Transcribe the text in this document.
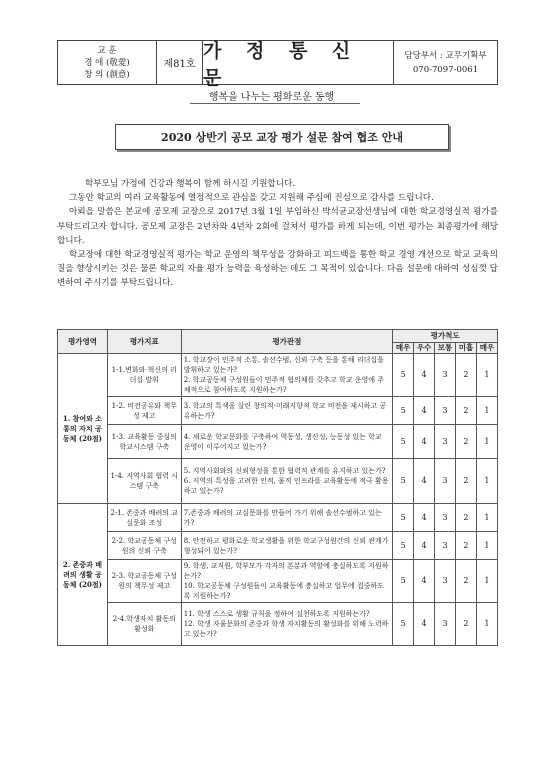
교 훈
경 애 (敬愛)
창 의 (創意)
제81호
가 정 통 신 문
담당부서 : 교무기획부
070-7097-0061
행복을 나누는 평화로운 동행
2020 상반기 공모 교장 평가 설문 참여 협조 안내

학부모님 가정에 건강과 행복이 함께 하시길 기원합니다.

그동안 학교의 여러 교육활동에 열정적으로 관심을 갖고 지원해 주심에 진심으로 감사를 드립니다.

아뢰을 말씀은 본교에 공모제 교장으로 2017년 3월 1일 부임하신 박석균교장선생님에 대한 학교경영실적 평가를 부탁드리고자 합니다. 공모제 교장은 2년차와 4년차 2회에 걸쳐서 평가를 하게 되는데, 이번 평가는 최종평가에 해당합니다.

학교장에 대한 학교경영실적 평가는 학교 운영의 책무성을 강화하고 피드백을 통한 학교 경영 개선으로 학교 교육의 질을 향상시키는 것은 물론 학교의 자율 평가 능력을 육성하는 데도 그 목적이 있습니다. 다음 설문에 대하여 성심껏 답변하여 주시기를 부탁드립니다.

평가영역	평가지표	평가관점	평가척도				
			매우	우수	보통	미흡	매우
1. 참여와 소통의 자치 공동체 (20점)	1-1.변화와 혁신의 리더십 발휘	1. 학교장이 민주적 소통, 솔선수범, 신뢰 구축 등을 통해 리더십을 발휘하고 있는가?
2. 학교공동체 구성원들이 민주적 협의체를 갖추고 학교 운영에 주체적으로 참여하도록 지원하는가?	5	4	3	2	1
	1-2. 비전공유와 책무성 제고	3. 학교의 특색을 살린 창의적·미래지향적 학교 비전을 제시하고 공유하는가?	5	4	3	2	1
	1-3. 교육활동 중심의 학교시스템 구축	4. 새로운 학교문화를 구축하여 역동성, 생산성, 능동성 있는 학교 운영이 이루어지고 있는가?	5	4	3	2	1
	1-4. 지역사회 협력 시스템 구축	5. 지역사회와의 신뢰형성을 통한 협력적 관계를 유지하고 있는가?
6. 지역의 특성을 고려한 인적, 물적 인프라를 교육활동에 적극 활용하고 있는가?	5	4	3	2	1
2. 존중과 배려의 생활 공동체 (20점)	2-1. 존중과 배려의 교실문화 조성	7.존중과 배려의 교실문화를 만들어 가기 위해 솔선수범하고 있는가?	5	4	3	2	1
	2-2. 학교공동체 구성원의 신뢰 구축	8. 안전하고 평화로운 학교생활을 위한 학교구성원간의 신뢰 관계가 형성되어 있는가?	5	4	3	2	1
	2-3. 학교공동체 구성원의 책무성 제고	9. 학생, 교직원, 학부모가 각자의 본분과 역할에 충실하도록 지원하는가?
10. 학교공동체 구성원들이 교육활동에 충실하고 업무에 집중하도록 지원하는가?	5	4	3	2	1
	2-4.학생자치 활동의 활성화	11. 학생 스스로 생활 규칙을 정하여 실천하도록 지원하는가?
12. 학생 자율문화의 존중과 학생 자치활동의 활성화를 위해 노력하고 있는가?	5	4	3	2	1
